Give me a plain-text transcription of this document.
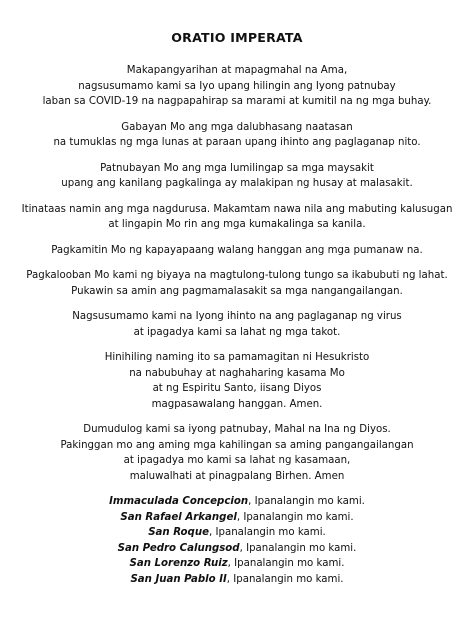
ORATIO IMPERATA
Makapangyarihan at mapagmahal na Ama,
nagsusumamo kami sa Iyo upang hilingin ang Iyong patnubay
laban sa COVID-19 na nagpapahirap sa marami at kumitil na ng mga buhay.
Gabayan Mo ang mga dalubhasang naatasan
na tumuklas ng mga lunas at paraan upang ihinto ang paglaganap nito.
Patnubayan Mo ang mga lumilingap sa mga maysakit
upang ang kanilang pagkalinga ay malakipan ng husay at malasakit.
Itinataas namin ang mga nagdurusa. Makamtam nawa nila ang mabuting kalusugan
at lingapin Mo rin ang mga kumakalinga sa kanila.
Pagkamitin Mo ng kapayapaang walang hanggan ang mga pumanaw na.
Pagkalooban Mo kami ng biyaya na magtulong-tulong tungo sa ikabubuti ng lahat.
Pukawin sa amin ang pagmamalasakit sa mga nangangailangan.
Nagsusumamo kami na Iyong ihinto na ang paglaganap ng virus
at ipagadya kami sa lahat ng mga takot.
Hinihiling naming ito sa pamamagitan ni Hesukristo
na nabubuhay at naghaharing kasama Mo
at ng Espiritu Santo, iisang Diyos
magpasawalang hanggan. Amen.
Dumudulog kami sa iyong patnubay, Mahal na Ina ng Diyos.
Pakinggan mo ang aming mga kahilingan sa aming pangangailangan
at ipagadya mo kami sa lahat ng kasamaan,
maluwalhati at pinagpalang Birhen. Amen
Immaculada Concepcion, Ipanalangin mo kami.
San Rafael Arkangel, Ipanalangin mo kami.
San Roque, Ipanalangin mo kami.
San Pedro Calungsod, Ipanalangin mo kami.
San Lorenzo Ruiz, Ipanalangin mo kami.
San Juan Pablo II, Ipanalangin mo kami.
